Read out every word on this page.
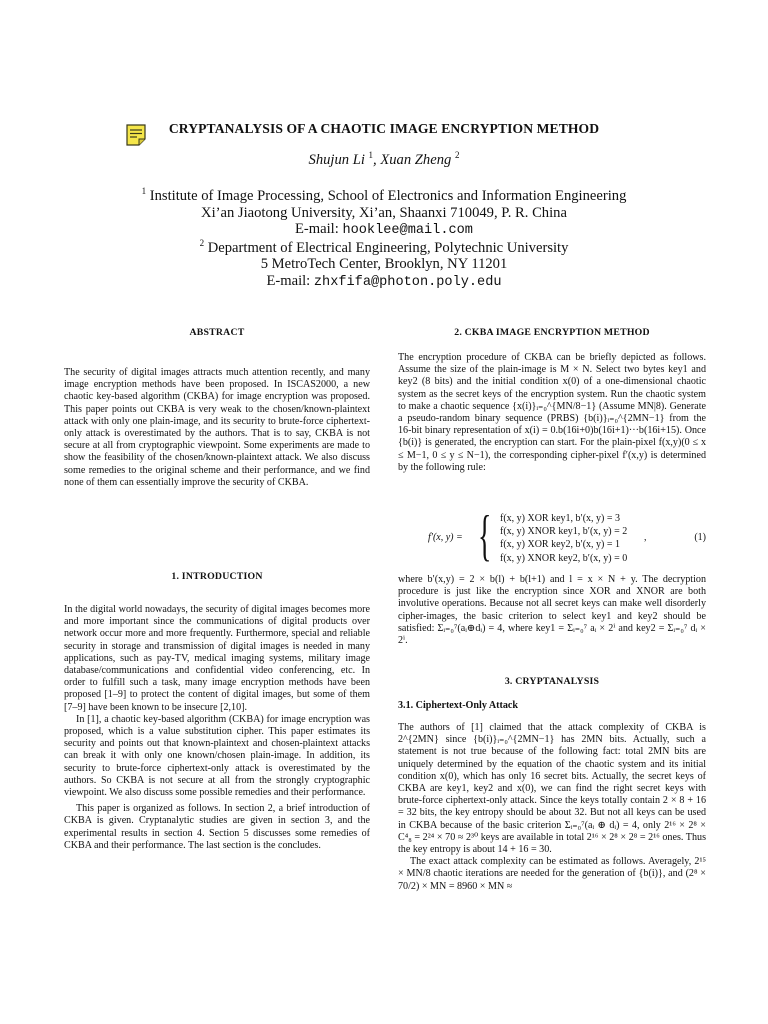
CRYPTANALYSIS OF A CHAOTIC IMAGE ENCRYPTION METHOD
Shujun Li $^1$, Xuan Zheng $^2$
$^1$ Institute of Image Processing, School of Electronics and Information Engineering
Xi’an Jiaotong University, Xi’an, Shaanxi 710049, P. R. China
E-mail: hooklee@mail.com
$^2$ Department of Electrical Engineering, Polytechnic University
5 MetroTech Center, Brooklyn, NY 11201
E-mail: zhxfifa@photon.poly.edu
ABSTRACT

The security of digital images attracts much attention recently, and many image encryption methods have been proposed. In ISCAS2000, a new chaotic key-based algorithm (CKBA) for image encryption was proposed. This paper points out CKBA is very weak to the chosen/known-plaintext attack with only one plain-image, and its security to brute-force ciphertext-only attack is overestimated by the authors. That is to say, CKBA is not secure at all from cryptographic viewpoint. Some experiments are made to show the feasibility of the chosen/known-plaintext attack. We also discuss some remedies to the original scheme and their performance, and we find none of them can essentially improve the security of CKBA.

1. INTRODUCTION

In the digital world nowadays, the security of digital images becomes more and more important since the communications of digital products over network occur more and more frequently. Furthermore, special and reliable security in storage and transmission of digital images is needed in many applications, such as pay-TV, medical imaging systems, military image database/communications and confidential video conferencing, etc. In order to fulfill such a task, many image encryption methods have been proposed [1–9] to protect the content of digital images, but some of them [7–9] have been known to be insecure [2,10].

In [1], a chaotic key-based algorithm (CKBA) for image encryption was proposed, which is a value substitution cipher. This paper estimates its security and points out that known-plaintext and chosen-plaintext attacks can break it with only one known/chosen plain-image. In addition, its security to brute-force ciphertext-only attack is overestimated by the authors. So CKBA is not secure at all from the strongly cryptographic viewpoint. We also discuss some possible remedies and their performance.

This paper is organized as follows. In section 2, a brief introduction of CKBA is given. Cryptanalytic studies are given in section 3, and the experimental results in section 4. Section 5 discusses some remedies of CKBA and their performance. The last section is the concludes.

2. CKBA IMAGE ENCRYPTION METHOD

The encryption procedure of CKBA can be briefly depicted as follows. Assume the size of the plain-image is M × N. Select two bytes key1 and key2 (8 bits) and the initial condition x(0) of a one-dimensional chaotic system as the secret keys of the encryption system. Run the chaotic system to make a chaotic sequence {x(i)}ᵢ₌₀^{MN/8−1} (Assume MN|8). Generate a pseudo-random binary sequence (PRBS) {b(i)}ᵢ₌₀^{2MN−1} from the 16-bit binary representation of x(i) = 0.b(16i+0)b(16i+1)···b(16i+15). Once {b(i)} is generated, the encryption can start. For the plain-pixel f(x,y)(0 ≤ x ≤ M−1, 0 ≤ y ≤ N−1), the corresponding cipher-pixel f′(x,y) is determined by the following rule:

f′(x, y) = { f(x, y) XOR key1, b′(x, y) = 3
f(x, y) XNOR key1, b′(x, y) = 2
f(x, y) XOR key2, b′(x, y) = 1
f(x, y) XNOR key2, b′(x, y) = 0
,	(1)

where b′(x,y) = 2 × b(l) + b(l+1) and l = x × N + y. The decryption procedure is just like the encryption since XOR and XNOR are both involutive operations. Because not all secret keys can make well disorderly cipher-images, the basic criterion to select key1 and key2 should be satisfied: Σᵢ₌₀⁷(aᵢ⊕dᵢ) = 4, where key1 = Σᵢ₌₀⁷ aᵢ × 2ⁱ and key2 = Σᵢ₌₀⁷ dᵢ × 2ⁱ.

3. CRYPTANALYSIS
3.1. Ciphertext-Only Attack

The authors of [1] claimed that the attack complexity of CKBA is 2^{2MN} since {b(i)}ᵢ₌₀^{2MN−1} has 2MN bits. Actually, such a statement is not true because of the following fact: total 2MN bits are uniquely determined by the equation of the chaotic system and its initial condition x(0), which has only 16 secret bits. Actually, the secret keys of CKBA are key1, key2 and x(0), we can find the right secret keys with brute-force ciphertext-only attack. Since the keys totally contain 2 × 8 + 16 = 32 bits, the key entropy should be about 32. But not all keys can be used in CKBA because of the basic criterion Σᵢ₌₀⁷(aᵢ ⊕ dᵢ) = 4, only 2¹⁶ × 2⁸ × C⁴₈ = 2²⁴ × 70 ≈ 2³⁰ keys are available in total 2¹⁶ × 2⁸ × 2⁸ = 2¹⁶ ones. Thus the key entropy is about 14 + 16 = 30.

The exact attack complexity can be estimated as follows. Averagely, 2¹⁵ × MN/8 chaotic iterations are needed for the generation of {b(i)}, and (2⁸ × 70/2) × MN = 8960 × MN ≈
